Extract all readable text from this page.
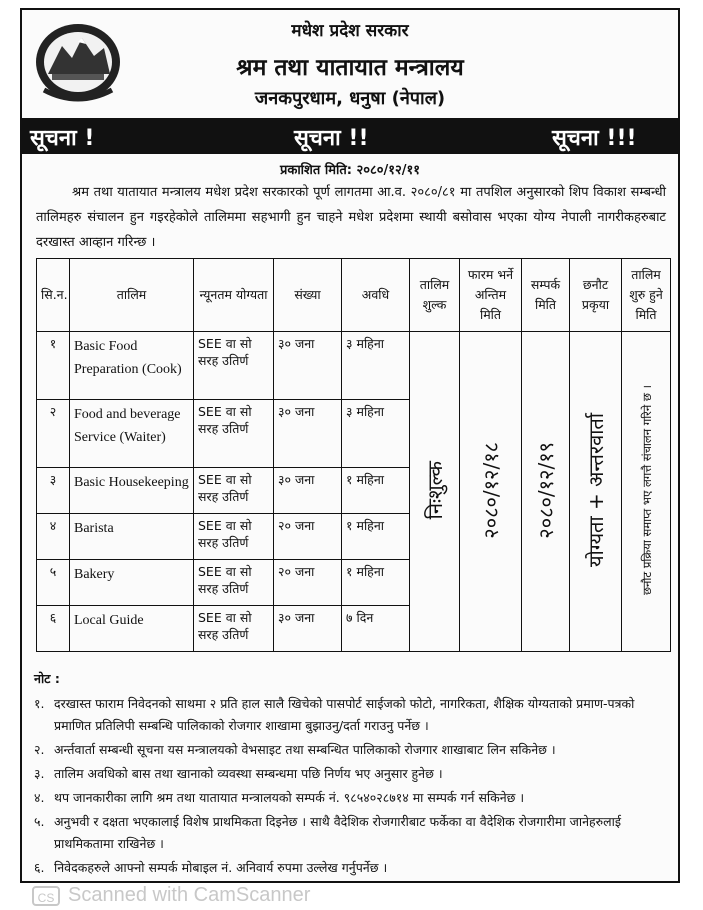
मधेश प्रदेश सरकार
श्रम तथा यातायात मन्त्रालय
जनकपुरधाम, धनुषा (नेपाल)
सूचना !	सूचना !!	सूचना !!!
प्रकाशित मिति: २०८०/१२/११
श्रम तथा यातायात मन्त्रालय मधेश प्रदेश सरकारको पूर्ण लागतमा आ.व. २०८०/८१ मा तपशिल अनुसारको शिप विकाश सम्बन्धी तालिमहरु संचालन हुन गइरहेकोले तालिममा सहभागी हुन चाहने मधेश प्रदेशमा स्थायी बसोवास भएका योग्य नेपाली नागरीकहरुबाट दरखास्त आव्हान गरिन्छ ।
सि.न.	तालिम	न्यूनतम योग्यता	संख्या	अवधि	तालिम शुल्क	फारम भर्ने अन्तिम मिति	सम्पर्क मिति	छनौट प्रकृया	तालिम शुरु हुने मिति
१	Basic Food Preparation (Cook)	SEE वा सो सरह उतिर्ण	३० जना	३ महिना	निःशुल्क	२०८०/१२/१८	२०८०/१२/१९	योग्यता + अन्तरवार्ता	छनौट प्रक्रिया समाप्त भए लगत्तै संचालन गरिने छ ।
२	Food and beverage Service (Waiter)	SEE वा सो सरह उतिर्ण	३० जना	३ महिना					
३	Basic Housekeeping	SEE वा सो सरह उतिर्ण	३० जना	१ महिना					
४	Barista	SEE वा सो सरह उतिर्ण	२० जना	१ महिना					
५	Bakery	SEE वा सो सरह उतिर्ण	२० जना	१ महिना					
६	Local Guide	SEE वा सो सरह उतिर्ण	३० जना	७ दिन					
नोट :
१. दरखास्त फाराम निवेदनको साथमा २ प्रति हाल सालै खिचेको पासपोर्ट साईजको फोटो, नागरिकता, शैक्षिक योग्यताको प्रमाण-पत्रको प्रमाणित प्रतिलिपी सम्बन्धि पालिकाको रोजगार शाखामा बुझाउनु/दर्ता गराउनु पर्नेछ ।
२. अर्न्तवार्ता सम्बन्धी सूचना यस मन्त्रालयको वेभसाइट तथा सम्बन्धित पालिकाको रोजगार शाखाबाट लिन सकिनेछ ।
३. तालिम अवधिको बास तथा खानाको व्यवस्था सम्बन्धमा पछि निर्णय भए अनुसार हुनेछ ।
४. थप जानकारीका लागि श्रम तथा यातायात मन्त्रालयको सम्पर्क नं. ९८५४०२८७१४ मा सम्पर्क गर्न सकिनेछ ।
५. अनुभवी र दक्षता भएकालाई विशेष प्राथमिकता दिइनेछ । साथै वैदेशिक रोजगारीबाट फर्केका वा वैदेशिक रोजगारीमा जानेहरुलाई प्राथमिकतामा राखिनेछ ।
६. निवेदकहरुले आफ्नो सम्पर्क मोबाइल नं. अनिवार्य रुपमा उल्लेख गर्नुपर्नेछ ।
CS Scanned with CamScanner
